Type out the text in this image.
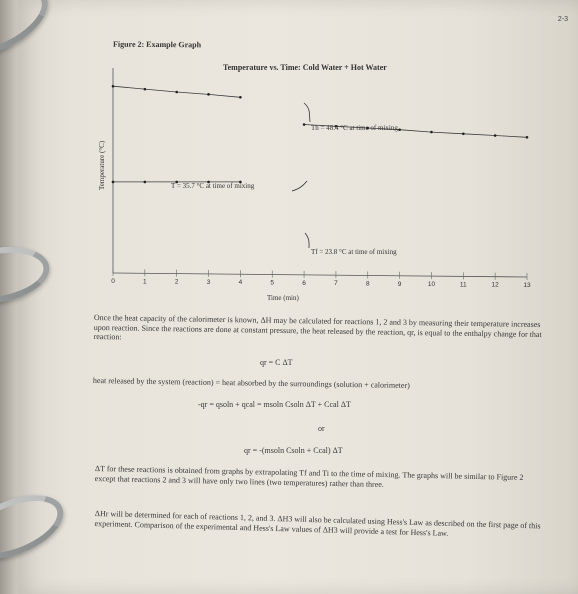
2-3
Figure 2: Example Graph
0	1	2	3	4	5	6	7	8	9	10	11	12	13
Temperature vs. Time: Cold Water + Hot Water
Temperature (°C)
Time (min)
Th = 48.4 °C at time of mixing
T = 35.7 °C at time of mixing
Tf = 23.8 °C at time of mixing

Once the heat capacity of the calorimeter is known, ΔH may be calculated for reactions 1, 2 and 3 by measuring their temperature increases upon reaction. Since the reactions are done at constant pressure, the heat released by the reaction, qr, is equal to the enthalpy change for that reaction:

qr = C ΔT
heat released by the system (reaction) = heat absorbed by the surroundings (solution + calorimeter)
-qr = qsoln + qcal = msoln Csoln ΔT + Ccal ΔT
or
qr = -(msoln Csoln + Ccal) ΔT

ΔT for these reactions is obtained from graphs by extrapolating Tf and Ti to the time of mixing. The graphs will be similar to Figure 2 except that reactions 2 and 3 will have only two lines (two temperatures) rather than three.

ΔHr will be determined for each of reactions 1, 2, and 3. ΔH3 will also be calculated using Hess's Law as described on the first page of this experiment. Comparison of the experimental and Hess's Law values of ΔH3 will provide a test for Hess's Law.
